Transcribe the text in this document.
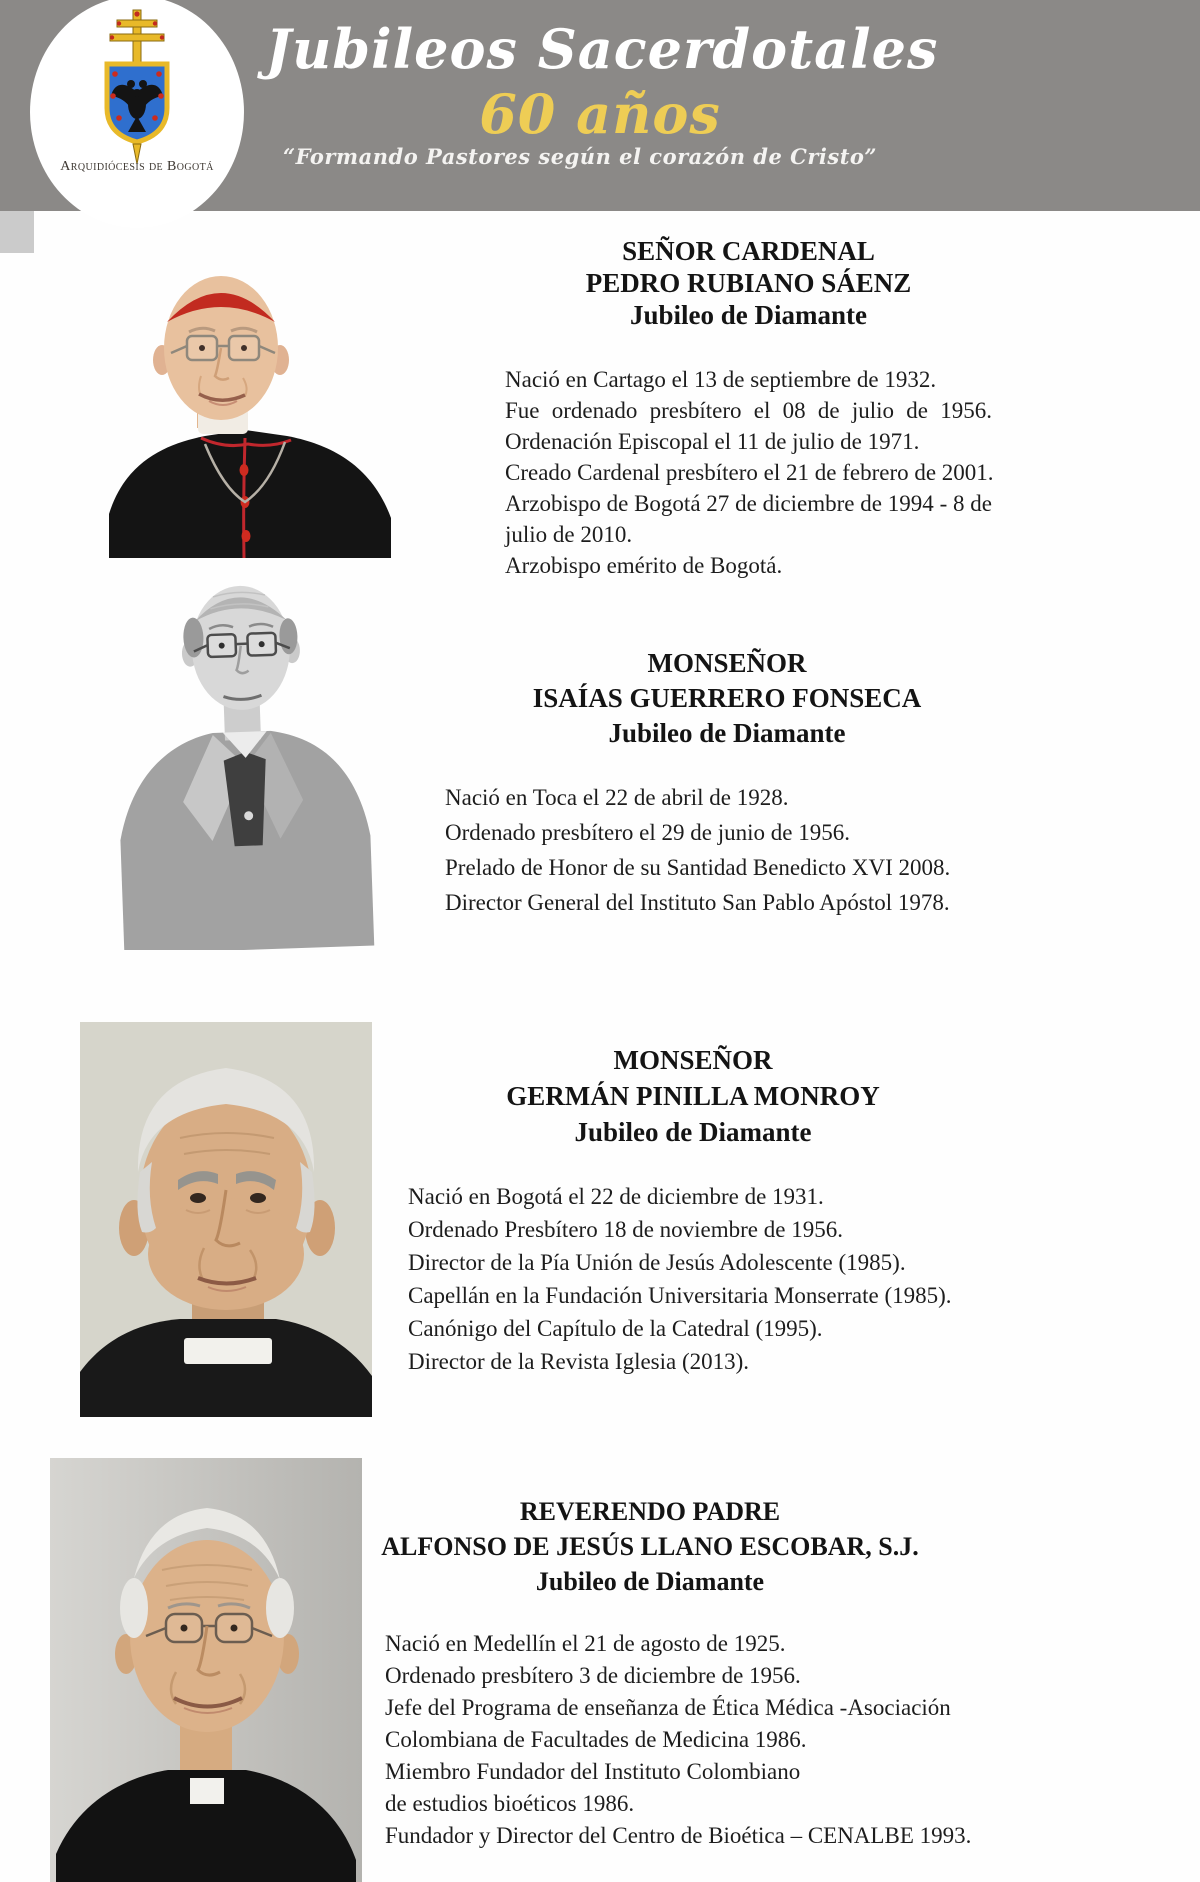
Jubileos Sacerdotales
60 años
“Formando Pastores según el corazón de Cristo”
Arquidiócesis de Bogotá
SEÑOR CARDENAL
PEDRO RUBIANO SÁENZ
Jubileo de Diamante
Nació en Cartago el 13 de septiembre de 1932.
Fue ordenado presbítero el 08 de julio de 1956.
Ordenación Episcopal el 11 de julio de 1971.
Creado Cardenal presbítero el 21 de febrero de 2001.
Arzobispo de Bogotá 27 de diciembre de 1994 - 8 de
julio de 2010.
Arzobispo emérito de Bogotá.
MONSEÑOR
ISAÍAS GUERRERO FONSECA
Jubileo de Diamante
Nació en Toca el 22 de abril de 1928.
Ordenado presbítero el 29 de junio de 1956.
Prelado de Honor de su Santidad Benedicto XVI 2008.
Director General del Instituto San Pablo Apóstol 1978.
MONSEÑOR
GERMÁN PINILLA MONROY
Jubileo de Diamante
Nació en Bogotá el 22 de diciembre de 1931.
Ordenado Presbítero 18 de noviembre de 1956.
Director de la Pía Unión de Jesús Adolescente (1985).
Capellán en la Fundación Universitaria Monserrate (1985).
Canónigo del Capítulo de la Catedral (1995).
Director de la Revista Iglesia (2013).
REVERENDO PADRE
ALFONSO DE JESÚS LLANO ESCOBAR, S.J.
Jubileo de Diamante
Nació en Medellín el 21 de agosto de 1925.
Ordenado presbítero 3 de diciembre de 1956.
Jefe del Programa de enseñanza de Ética Médica -Asociación
Colombiana de Facultades de Medicina 1986.
Miembro Fundador del Instituto Colombiano
de estudios bioéticos 1986.
Fundador y Director del Centro de Bioética – CENALBE 1993.
